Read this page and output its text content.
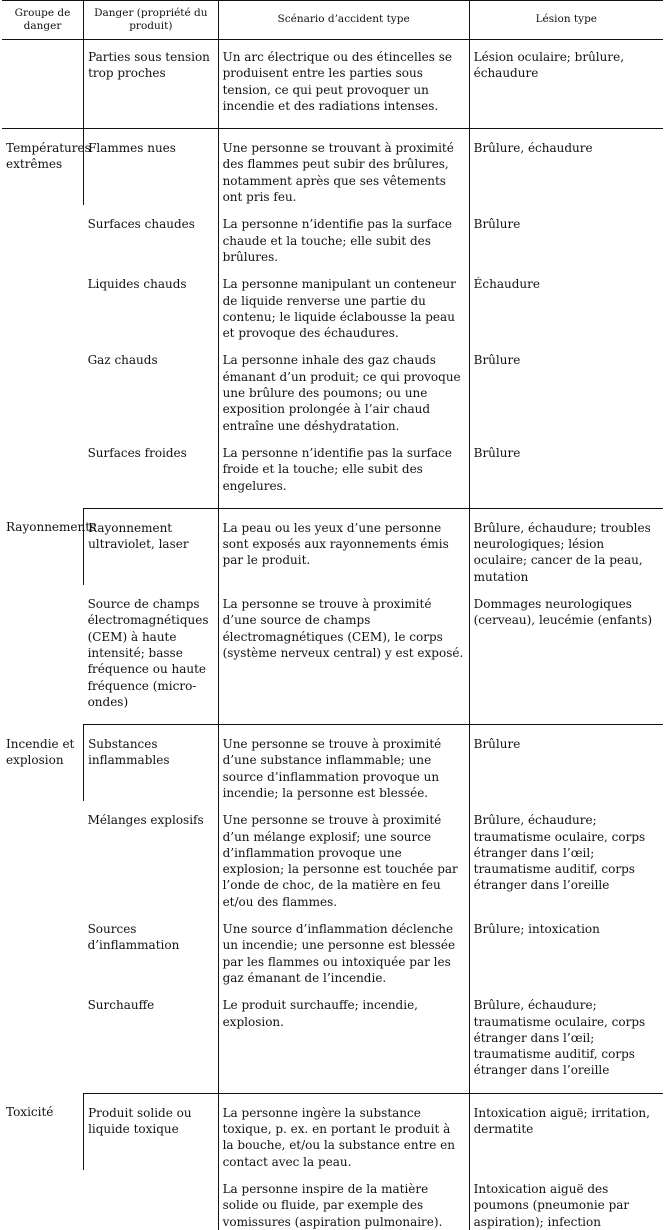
Groupe de danger	Danger (propriété du produit)	Scénario d’accident type	Lésion type
	Parties sous tension trop proches	Un arc électrique ou des étincelles se produisent entre les parties sous tension, ce qui peut provoquer un incendie et des radiations intenses.	Lésion oculaire; brûlure, échaudure
Températures extrêmes	Flammes nues	Une personne se trouvant à proximité des flammes peut subir des brûlures, notamment après que ses vêtements ont pris feu.	Brûlure, échaudure
	Surfaces chaudes	La personne n’identifie pas la surface chaude et la touche; elle subit des brûlures.	Brûlure
	Liquides chauds	La personne manipulant un conteneur de liquide renverse une partie du contenu; le liquide éclabousse la peau et provoque des échaudures.	Échaudure
	Gaz chauds	La personne inhale des gaz chauds émanant d’un produit; ce qui provoque une brûlure des poumons; ou une exposition prolongée à l’air chaud entraîne une déshydratation.	Brûlure
	Surfaces froides	La personne n’identifie pas la surface froide et la touche; elle subit des engelures.	Brûlure
Rayonnements	Rayonnement ultraviolet, laser	La peau ou les yeux d’une personne sont exposés aux rayonnements émis par le produit.	Brûlure, échaudure; troubles neurologiques; lésion oculaire; cancer de la peau, mutation
	Source de champs électromagnétiques (CEM) à haute intensité; basse fréquence ou haute fréquence (micro-ondes)	La personne se trouve à proximité d’une source de champs électromagnétiques (CEM), le corps (système nerveux central) y est exposé.	Dommages neurologiques (cerveau), leucémie (enfants)
Incendie et explosion	Substances inflammables	Une personne se trouve à proximité d’une substance inflammable; une source d’inflammation provoque un incendie; la personne est blessée.	Brûlure
	Mélanges explosifs	Une personne se trouve à proximité d’un mélange explosif; une source d’inflammation provoque une explosion; la personne est touchée par l’onde de choc, de la matière en feu et/ou des flammes.	Brûlure, échaudure; traumatisme oculaire, corps étranger dans l’œil; traumatisme auditif, corps étranger dans l’oreille
	Sources d’inflammation	Une source d’inflammation déclenche un incendie; une personne est blessée par les flammes ou intoxiquée par les gaz émanant de l’incendie.	Brûlure; intoxication
	Surchauffe	Le produit surchauffe; incendie, explosion.	Brûlure, échaudure; traumatisme oculaire, corps étranger dans l’œil; traumatisme auditif, corps étranger dans l’oreille
Toxicité	Produit solide ou liquide toxique	La personne ingère la substance toxique, p. ex. en portant le produit à la bouche, et/ou la substance entre en contact avec la peau.	Intoxication aiguë; irritation, dermatite
		La personne inspire de la matière solide ou fluide, par exemple des vomissures (aspiration pulmonaire).	Intoxication aiguë des poumons (pneumonie par aspiration); infection
